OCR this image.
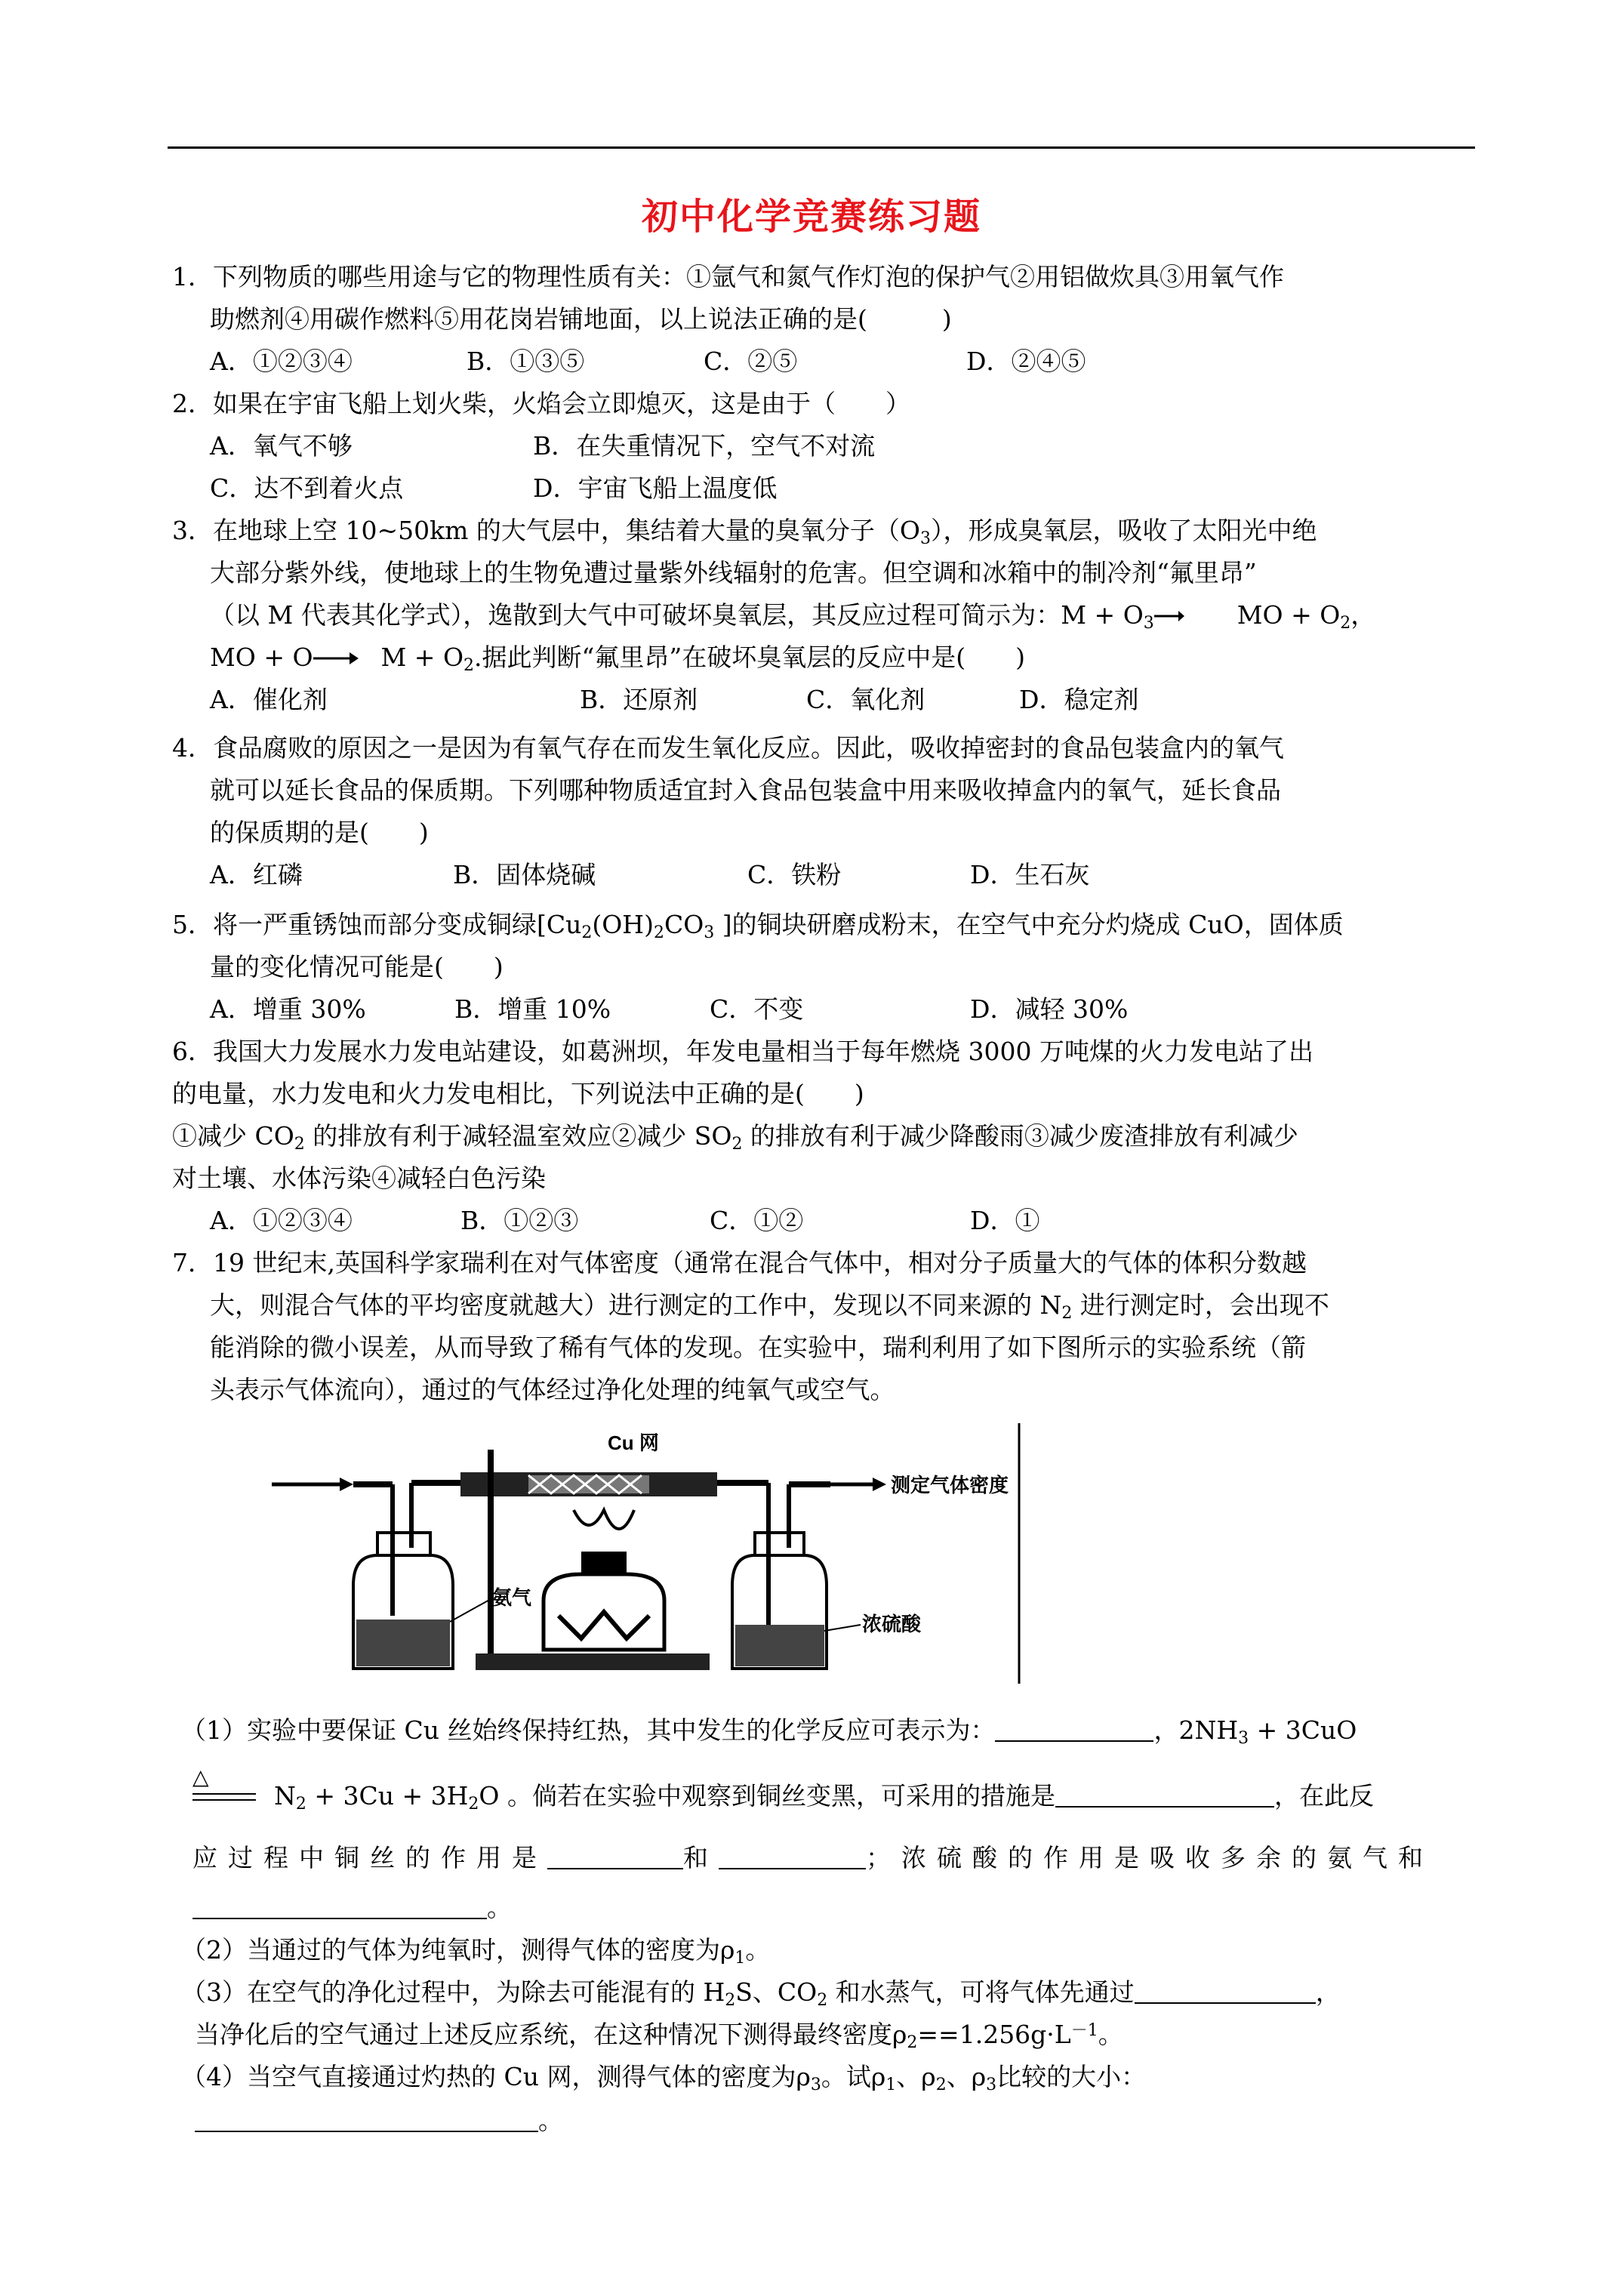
初中化学竞赛练习题
1．下列物质的哪些用途与它的物理性质有关：①氩气和氮气作灯泡的保护气②用铝做炊具③用氧气作
助燃剂④用碳作燃料⑤用花岗岩铺地面，以上说法正确的是(　　　)
A．①②③④	B．①③⑤	C．②⑤	D．②④⑤
2．如果在宇宙飞船上划火柴，火焰会立即熄灭，这是由于（　　）
A．氧气不够	B．在失重情况下，空气不对流
C．达不到着火点	D．宇宙飞船上温度低
3．在地球上空 10~50km 的大气层中，集结着大量的臭氧分子$(O_3)$，形成臭氧层，吸收了太阳光中绝
大部分紫外线，使地球上的生物免遭过量紫外线辐射的危害。但空调和冰箱中的制冷剂“氟里昂”
（以 M 代表其化学式），逸散到大气中可破坏臭氧层，其反应过程可简示为：$M + O_3\to$ MO + $O_2$，
MO + $O\to M + O_2$.据此判断“氟里昂”在破坏臭氧层的反应中是(　　)
A．催化剂	B．还原剂	C．氧化剂	D．稳定剂
4．食品腐败的原因之一是因为有氧气存在而发生氧化反应。因此，吸收掉密封的食品包装盒内的氧气
就可以延长食品的保质期。下列哪种物质适宜封入食品包装盒中用来吸收掉盒内的氧气，延长食品
的保质期的是(　　)
A．红磷	B．固体烧碱	C．铁粉	D．生石灰
5．将一严重锈蚀而部分变成铜绿[$Cu_2(OH)_2CO_3$ ]的铜块研磨成粉末，在空气中充分灼烧成 CuO，固体质
量的变化情况可能是(　　)
A．增重 30%	B．增重 10%	C．不变	D．减轻 30%
6．我国大力发展水力发电站建设，如葛洲坝，年发电量相当于每年燃烧 3000 万吨煤的火力发电站了出
的电量，水力发电和火力发电相比，下列说法中正确的是(　　)
①减少 $CO_2$ 的排放有利于减轻温室效应②减少 $SO_2$ 的排放有利于减少降酸雨③减少废渣排放有利减少
对土壤、水体污染④减轻白色污染
A．①②③④	B．①②③	C．①②	D．①
7．19 世纪末,英国科学家瑞利在对气体密度（通常在混合气体中，相对分子质量大的气体的体积分数越
大，则混合气体的平均密度就越大）进行测定的工作中，发现以不同来源的 $N_2$ 进行测定时，会出现不
能消除的微小误差，从而导致了稀有气体的发现。在实验中，瑞利利用了如下图所示的实验系统（箭
头表示气体流向），通过的气体经过净化处理的纯氧气或空气。
氨气
Cu 网
浓硫酸
测定气体密度
（1）实验中要保证 Cu 丝始终保持红热，其中发生的化学反应可表示为：	，$2NH_3 + 3CuO$
△
$N_2 + 3Cu + 3H_2O$ 。倘若在实验中观察到铜丝变黑，可采用的措施是	，在此反
应过程中铜丝的作用是	和	；浓硫酸的作用是吸收多余的氨气和
。
（2）当通过的气体为纯氧时，测得气体的密度为$\rho_1$。
（3）在空气的净化过程中，为除去可能混有的 $H_2S$、$CO_2$ 和水蒸气，可将气体先通过	，
当净化后的空气通过上述反应系统，在这种情况下测得最终密度$\rho_2==1.256g\cdot L^{-1}$。
（4）当空气直接通过灼热的 Cu 网，测得气体的密度为$\rho_3$。试$\rho_1$、$\rho_2$、$\rho_3$比较的大小：
。
